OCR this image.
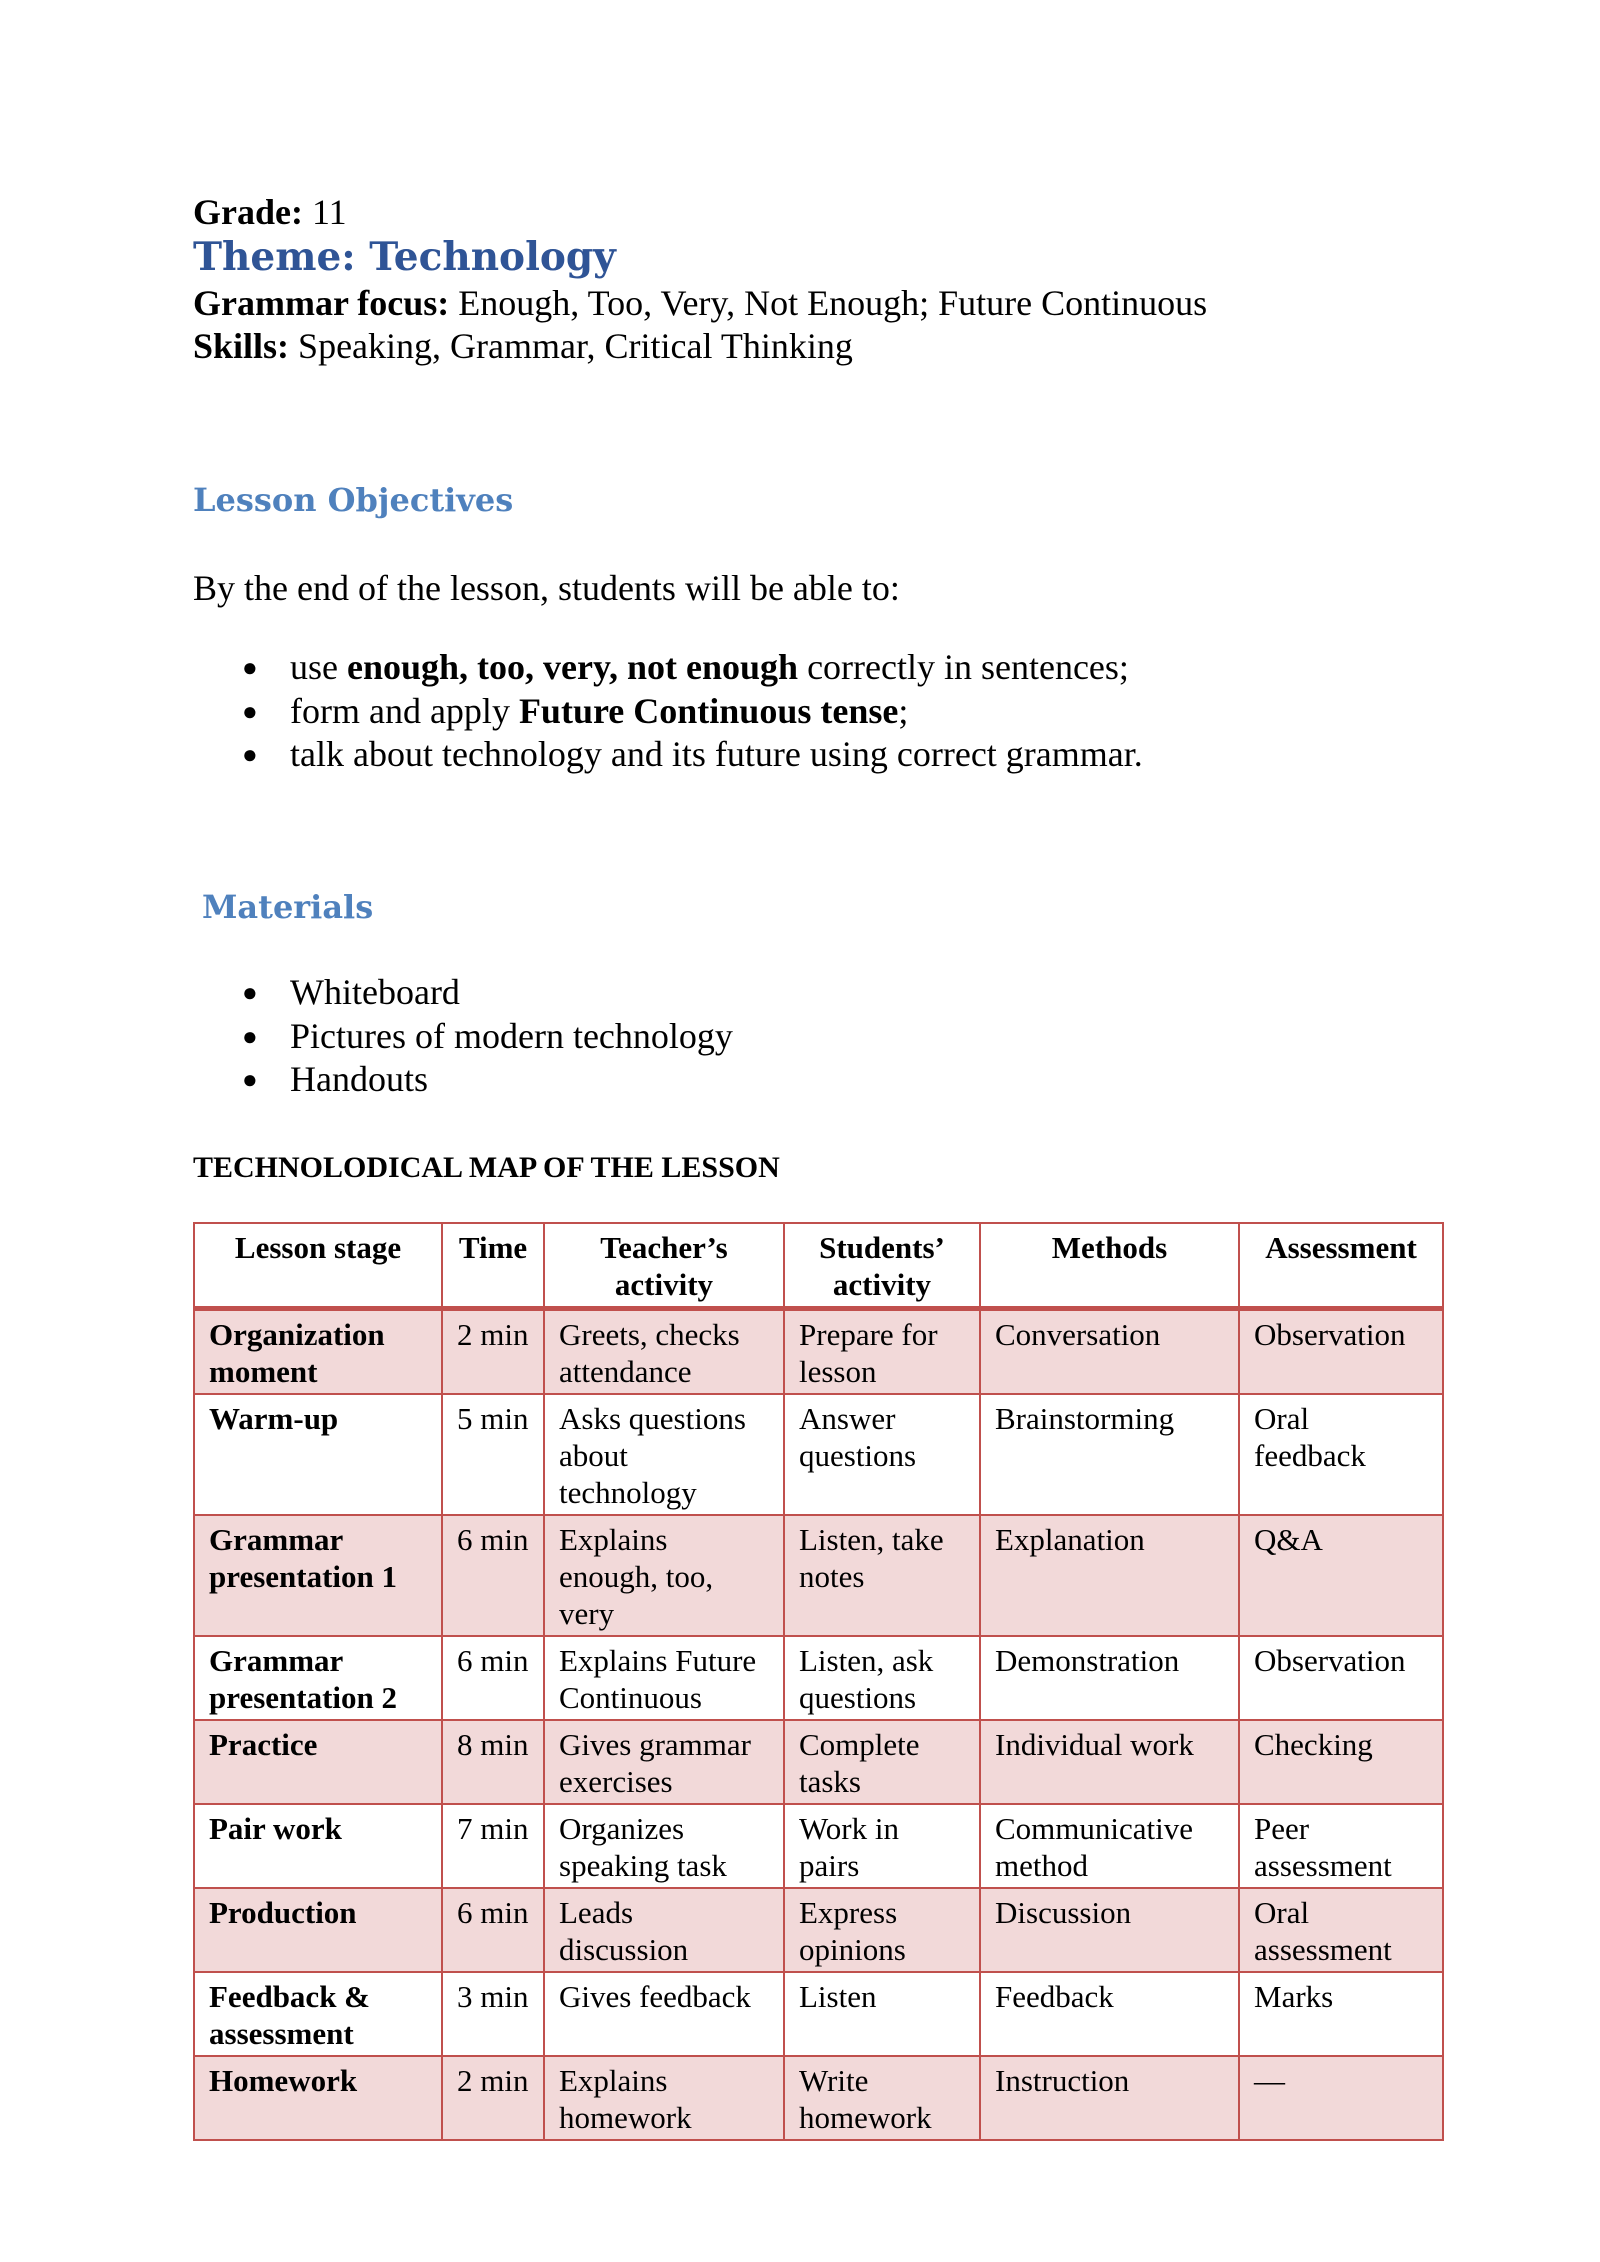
Grade: 11
Theme: Technology
Grammar focus: Enough, Too, Very, Not Enough; Future Continuous
Skills: Speaking, Grammar, Critical Thinking
Lesson Objectives
By the end of the lesson, students will be able to:
● use enough, too, very, not enough correctly in sentences;
● form and apply Future Continuous tense;
● talk about technology and its future using correct grammar.
Materials
● Whiteboard
● Pictures of modern technology
● Handouts
TECHNOLODICAL MAP OF THE LESSON
Lesson stage	Time	Teacher’s activity	Students’ activity	Methods	Assessment
Organization moment	2 min	Greets, checks attendance	Prepare for lesson	Conversation	Observation
Warm-up	5 min	Asks questions about technology	Answer questions	Brainstorming	Oral feedback
Grammar presentation 1	6 min	Explains enough, too, very	Listen, take notes	Explanation	Q&A
Grammar presentation 2	6 min	Explains Future Continuous	Listen, ask questions	Demonstration	Observation
Practice	8 min	Gives grammar exercises	Complete tasks	Individual work	Checking
Pair work	7 min	Organizes speaking task	Work in pairs	Communicative method	Peer assessment
Production	6 min	Leads discussion	Express opinions	Discussion	Oral assessment
Feedback & assessment	3 min	Gives feedback	Listen	Feedback	Marks
Homework	2 min	Explains homework	Write homework	Instruction	—
